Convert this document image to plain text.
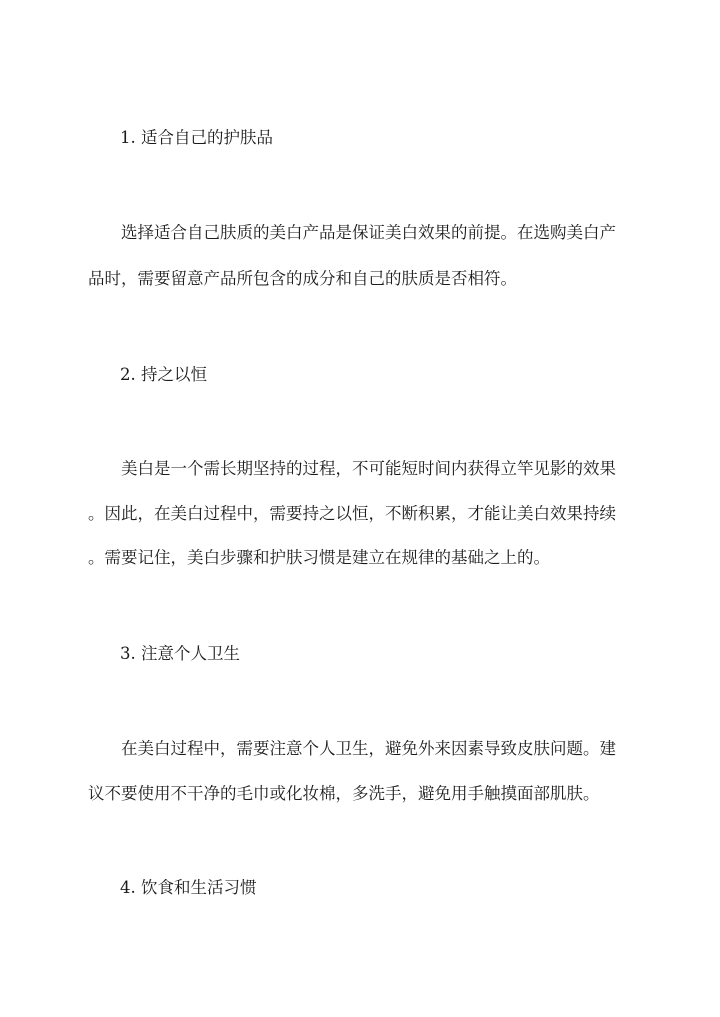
1. 适合自己的护肤品
选择适合自己肤质的美白产品是保证美白效果的前提。在选购美白产
品时，需要留意产品所包含的成分和自己的肤质是否相符。
2. 持之以恒
美白是一个需长期坚持的过程，不可能短时间内获得立竿见影的效果
。因此，在美白过程中，需要持之以恒，不断积累，才能让美白效果持续
。需要记住，美白步骤和护肤习惯是建立在规律的基础之上的。
3. 注意个人卫生
在美白过程中，需要注意个人卫生，避免外来因素导致皮肤问题。建
议不要使用不干净的毛巾或化妆棉，多洗手，避免用手触摸面部肌肤。
4. 饮食和生活习惯
